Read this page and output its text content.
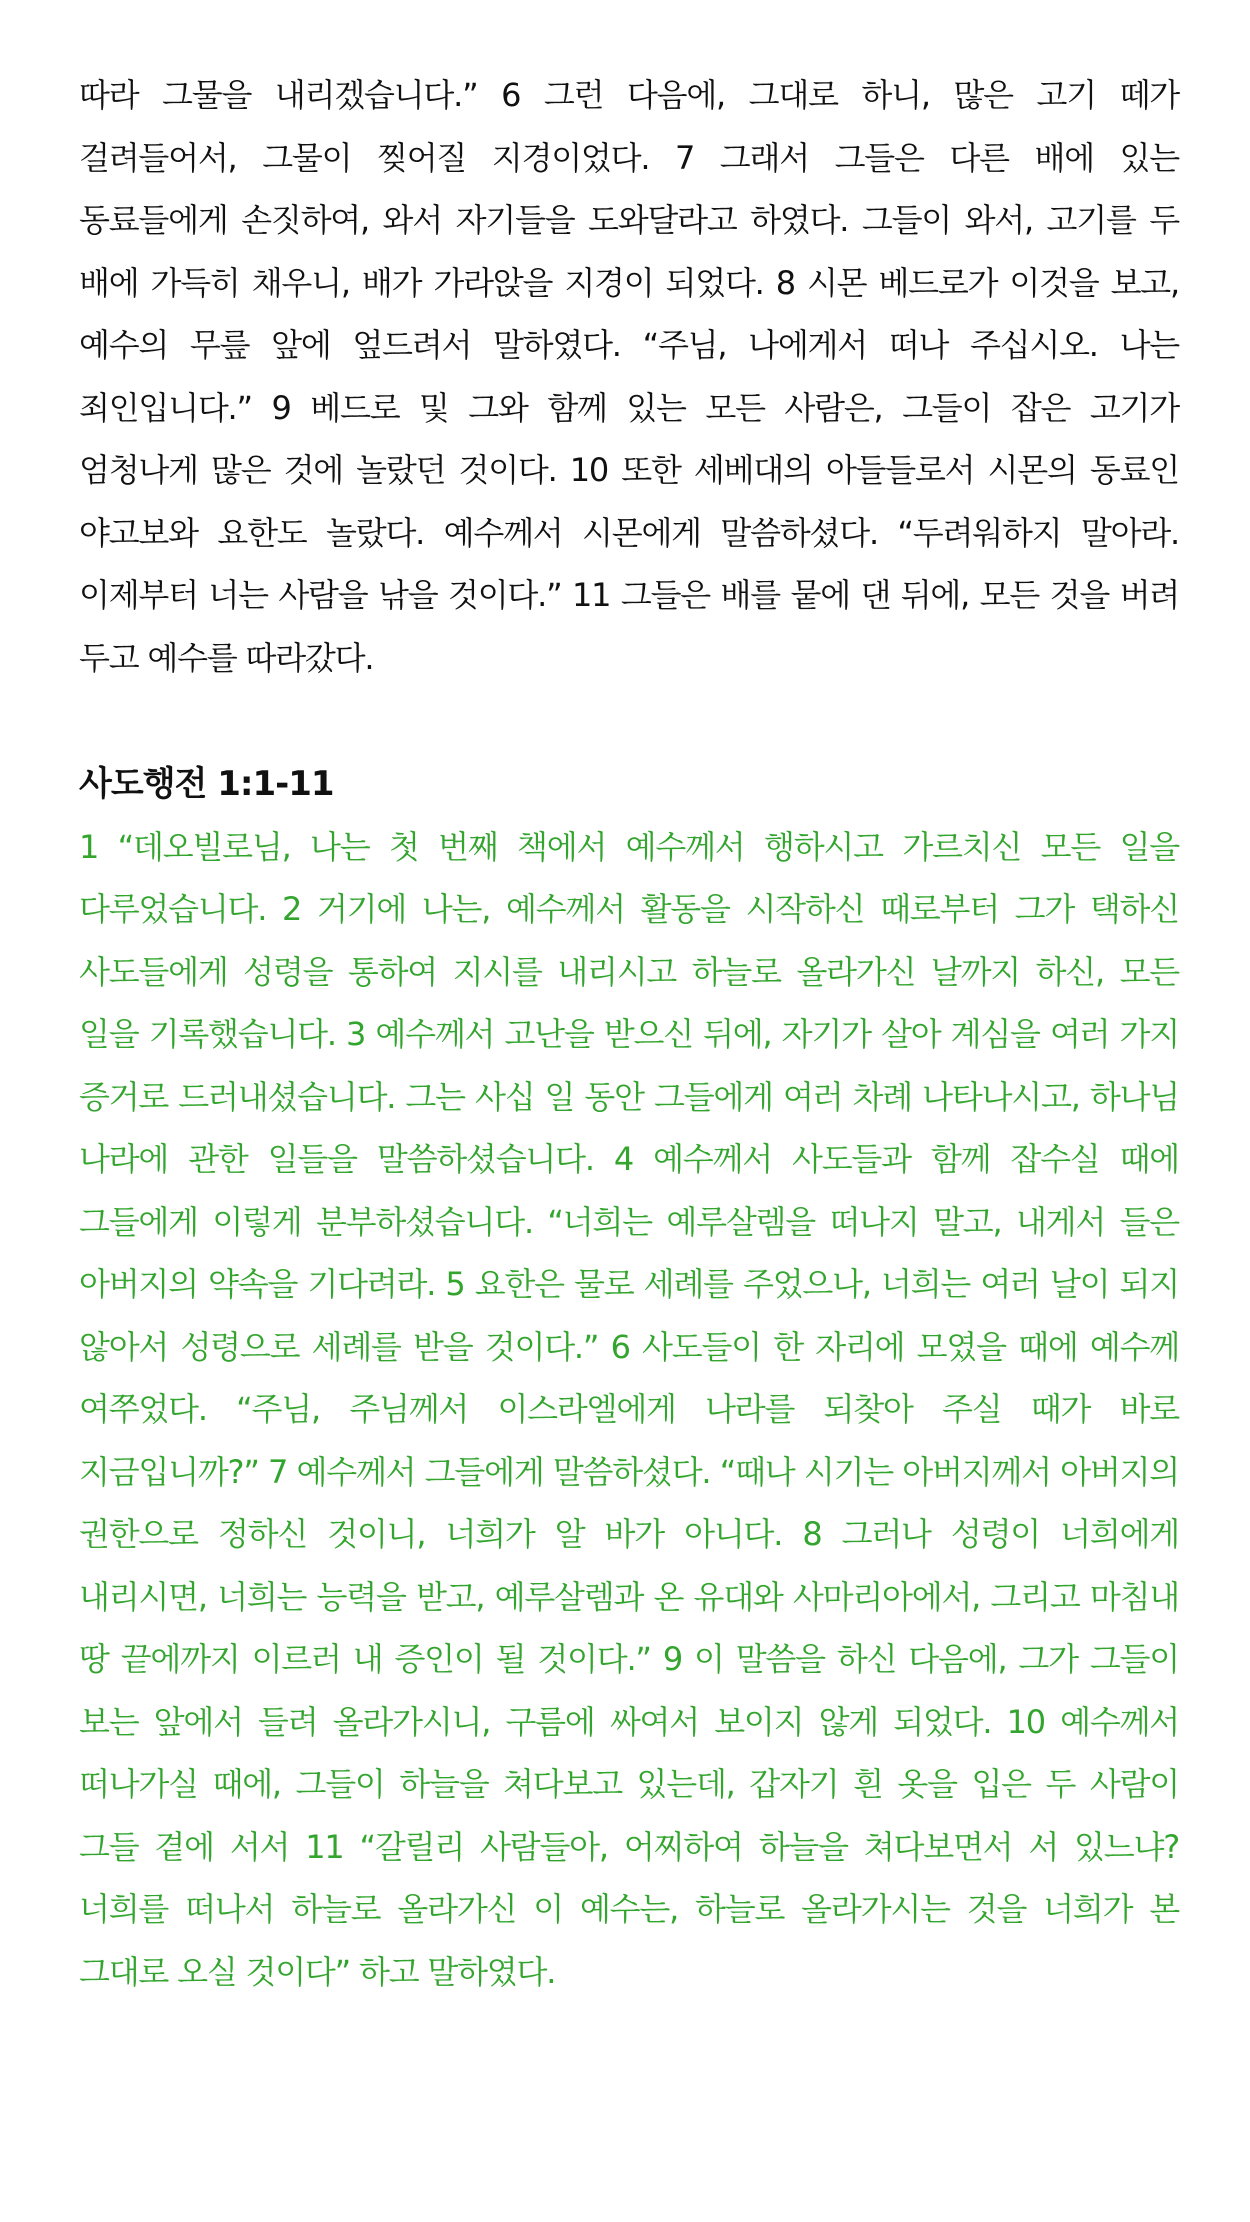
따라 그물을 내리겠습니다.” 6 그런 다음에, 그대로 하니, 많은 고기 떼가 걸려들어서, 그물이 찢어질 지경이었다. 7 그래서 그들은 다른 배에 있는 동료들에게 손짓하여, 와서 자기들을 도와달라고 하였다. 그들이 와서, 고기를 두 배에 가득히 채우니, 배가 가라앉을 지경이 되었다. 8 시몬 베드로가 이것을 보고, 예수의 무릎 앞에 엎드려서 말하였다. “주님, 나에게서 떠나 주십시오. 나는 죄인입니다.” 9 베드로 및 그와 함께 있는 모든 사람은, 그들이 잡은 고기가 엄청나게 많은 것에 놀랐던 것이다. 10 또한 세베대의 아들들로서 시몬의 동료인 야고보와 요한도 놀랐다. 예수께서 시몬에게 말씀하셨다. “두려워하지 말아라. 이제부터 너는 사람을 낚을 것이다.” 11 그들은 배를 뭍에 댄 뒤에, 모든 것을 버려 두고 예수를 따라갔다.

사도행전 1:1-11

1 “데오빌로님, 나는 첫 번째 책에서 예수께서 행하시고 가르치신 모든 일을 다루었습니다. 2 거기에 나는, 예수께서 활동을 시작하신 때로부터 그가 택하신 사도들에게 성령을 통하여 지시를 내리시고 하늘로 올라가신 날까지 하신, 모든 일을 기록했습니다. 3 예수께서 고난을 받으신 뒤에, 자기가 살아 계심을 여러 가지 증거로 드러내셨습니다. 그는 사십 일 동안 그들에게 여러 차례 나타나시고, 하나님 나라에 관한 일들을 말씀하셨습니다. 4 예수께서 사도들과 함께 잡수실 때에 그들에게 이렇게 분부하셨습니다. “너희는 예루살렘을 떠나지 말고, 내게서 들은 아버지의 약속을 기다려라. 5 요한은 물로 세례를 주었으나, 너희는 여러 날이 되지 않아서 성령으로 세례를 받을 것이다.” 6 사도들이 한 자리에 모였을 때에 예수께 여쭈었다. “주님, 주님께서 이스라엘에게 나라를 되찾아 주실 때가 바로 지금입니까?” 7 예수께서 그들에게 말씀하셨다. “때나 시기는 아버지께서 아버지의 권한으로 정하신 것이니, 너희가 알 바가 아니다. 8 그러나 성령이 너희에게 내리시면, 너희는 능력을 받고, 예루살렘과 온 유대와 사마리아에서, 그리고 마침내 땅 끝에까지 이르러 내 증인이 될 것이다.” 9 이 말씀을 하신 다음에, 그가 그들이 보는 앞에서 들려 올라가시니, 구름에 싸여서 보이지 않게 되었다. 10 예수께서 떠나가실 때에, 그들이 하늘을 쳐다보고 있는데, 갑자기 흰 옷을 입은 두 사람이 그들 곁에 서서 11 “갈릴리 사람들아, 어찌하여 하늘을 쳐다보면서 서 있느냐? 너희를 떠나서 하늘로 올라가신 이 예수는, 하늘로 올라가시는 것을 너희가 본 그대로 오실 것이다” 하고 말하였다.
